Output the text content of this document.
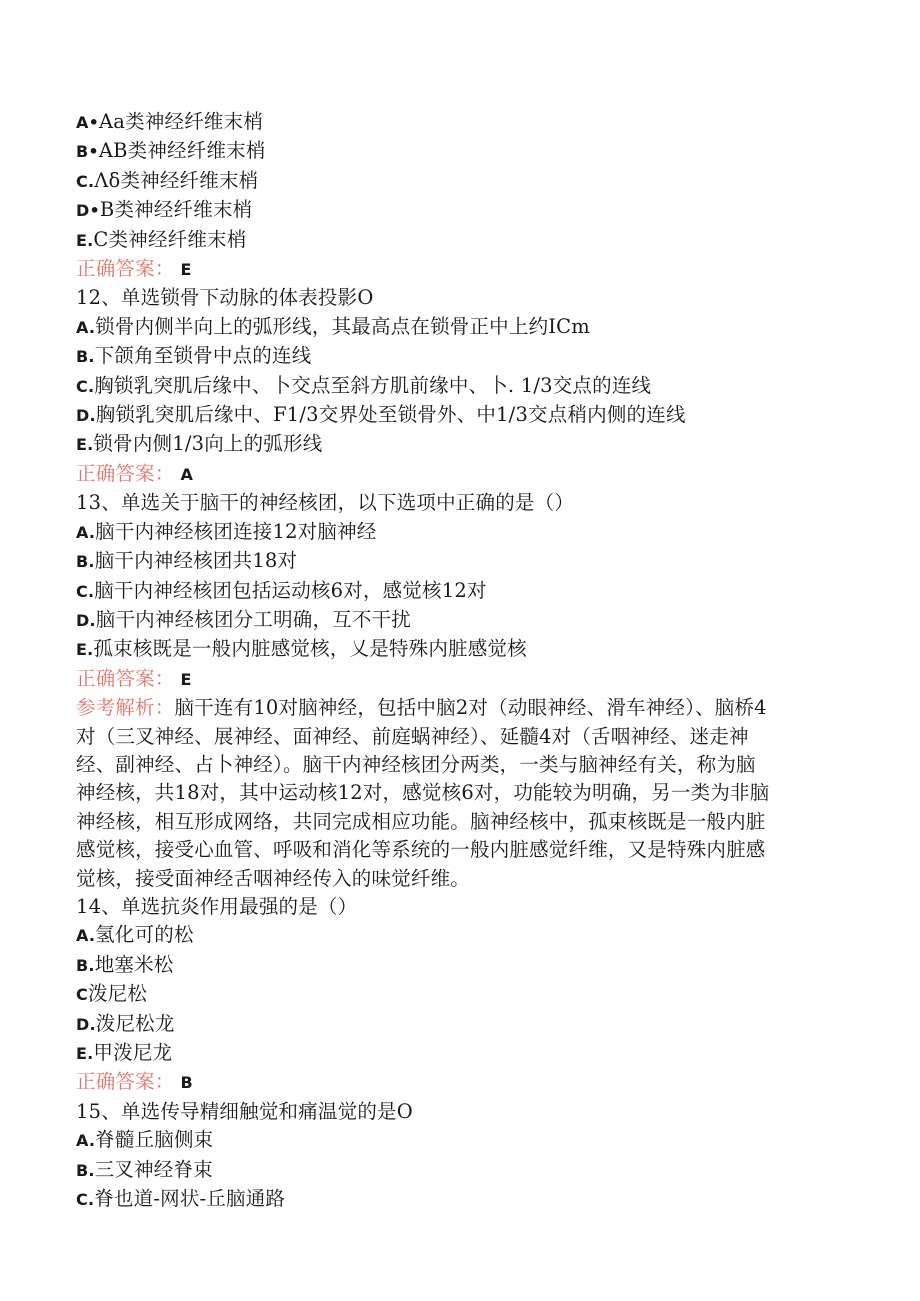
A•Aa类神经纤维末梢
B•AB类神经纤维末梢
C.Λδ类神经纤维末梢
D•B类神经纤维末梢
E.C类神经纤维末梢
正确答案： E
12、单选锁骨下动脉的体表投影O
A.锁骨内侧半向上的弧形线，其最高点在锁骨正中上约ICm
B.下颌角至锁骨中点的连线
C.胸锁乳突肌后缘中、卜交点至斜方肌前缘中、卜. 1/3交点的连线
D.胸锁乳突肌后缘中、F1/3交界处至锁骨外、中1/3交点稍内侧的连线
E.锁骨内侧1/3向上的弧形线
正确答案： A
13、单选关于脑干的神经核团，以下选项中正确的是（）
A.脑干内神经核团连接12对脑神经
B.脑干内神经核团共18对
C.脑干内神经核团包括运动核6对，感觉核12对
D.脑干内神经核团分工明确，互不干扰
E.孤束核既是一般内脏感觉核，乂是特殊内脏感觉核
正确答案： E
参考解析：脑干连有10对脑神经，包括中脑2对（动眼神经、滑车神经）、脑桥4
对（三叉神经、展神经、面神经、前庭蜗神经）、延髓4对（舌咽神经、迷走神
经、副神经、占卜神经）。脑干内神经核团分两类，一类与脑神经有关，称为脑
神经核，共18对，其中运动核12对，感觉核6对，功能较为明确，另一类为非脑
神经核，相互形成网络，共同完成相应功能。脑神经核中，孤束核既是一般内脏
感觉核，接受心血管、呼吸和消化等系统的一般内脏感觉纤维，又是特殊内脏感
觉核，接受面神经舌咽神经传入的味觉纤维。
14、单选抗炎作用最强的是（）
A.氢化可的松
B.地塞米松
C泼尼松
D.泼尼松龙
E.甲泼尼龙
正确答案： B
15、单选传导精细触觉和痛温觉的是O
A.脊髓丘脑侧束
B.三叉神经脊束
C.脊也道-网状-丘脑通路
